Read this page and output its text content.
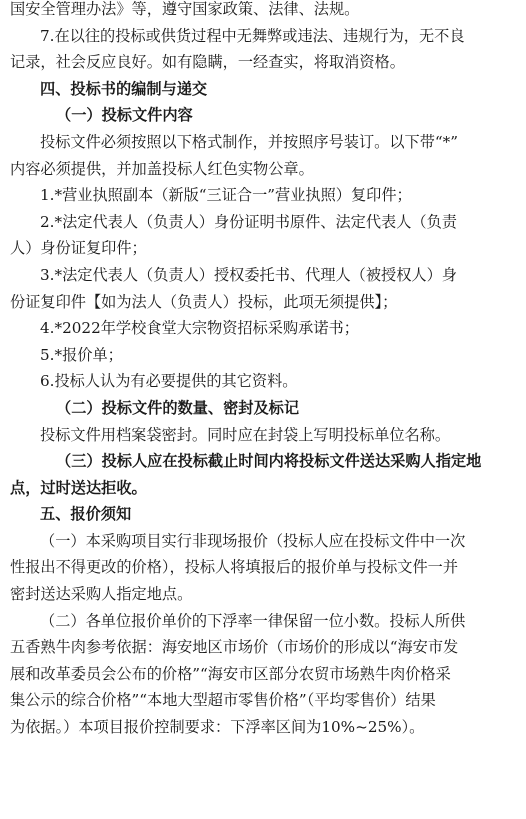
国安全管理办法》等，遵守国家政策、法律、法规。
7.在以往的投标或供货过程中无舞弊或违法、违规行为，无不良
记录，社会反应良好。如有隐瞒，一经查实，将取消资格。
四、投标书的编制与递交
（一）投标文件内容
投标文件必须按照以下格式制作，并按照序号装订。以下带“*”
内容必须提供，并加盖投标人红色实物公章。
1.*营业执照副本（新版“三证合一”营业执照）复印件；
2.*法定代表人（负责人）身份证明书原件、法定代表人（负责
人）身份证复印件；
3.*法定代表人（负责人）授权委托书、代理人（被授权人）身
份证复印件【如为法人（负责人）投标，此项无须提供】；
4.*2022年学校食堂大宗物资招标采购承诺书；
5.*报价单；
6.投标人认为有必要提供的其它资料。
（二）投标文件的数量、密封及标记
投标文件用档案袋密封。同时应在封袋上写明投标单位名称。
（三）投标人应在投标截止时间内将投标文件送达采购人指定地
点，过时送达拒收。
五、报价须知
（一）本采购项目实行非现场报价（投标人应在投标文件中一次
性报出不得更改的价格），投标人将填报后的报价单与投标文件一并
密封送达采购人指定地点。
（二）各单位报价单价的下浮率一律保留一位小数。投标人所供
五香熟牛肉参考依据：海安地区市场价（市场价的形成以“海安市发
展和改革委员会公布的价格”“海安市区部分农贸市场熟牛肉价格采
集公示的综合价格”“本地大型超市零售价格”（平均零售价）结果
为依据。）本项目报价控制要求：下浮率区间为10%~25%）。
